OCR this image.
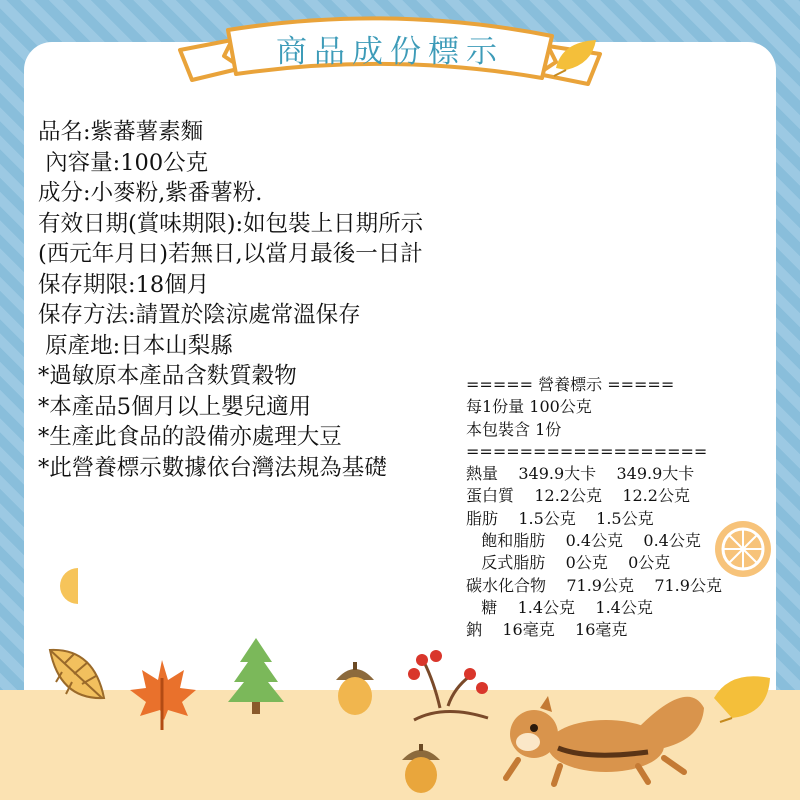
商品成份標示
品名:紫蕃薯素麵
內容量:100公克
成分:小麥粉,紫番薯粉.
有效日期(賞味期限):如包裝上日期所示
(西元年月日)若無日,以當月最後一日計
保存期限:18個月
保存方法:請置於陰涼處常溫保存
原產地:日本山梨縣
*過敏原本產品含麩質穀物
*本產品5個月以上嬰兒適用
*生產此食品的設備亦處理大豆
*此營養標示數據依台灣法規為基礎
===== 營養標示 =====
每1份量 100公克
本包裝含 1份
==================
熱量    349.9大卡    349.9大卡
蛋白質    12.2公克    12.2公克
脂肪    1.5公克    1.5公克
飽和脂肪    0.4公克    0.4公克
反式脂肪    0公克    0公克
碳水化合物    71.9公克    71.9公克
糖    1.4公克    1.4公克
鈉    16毫克    16毫克
